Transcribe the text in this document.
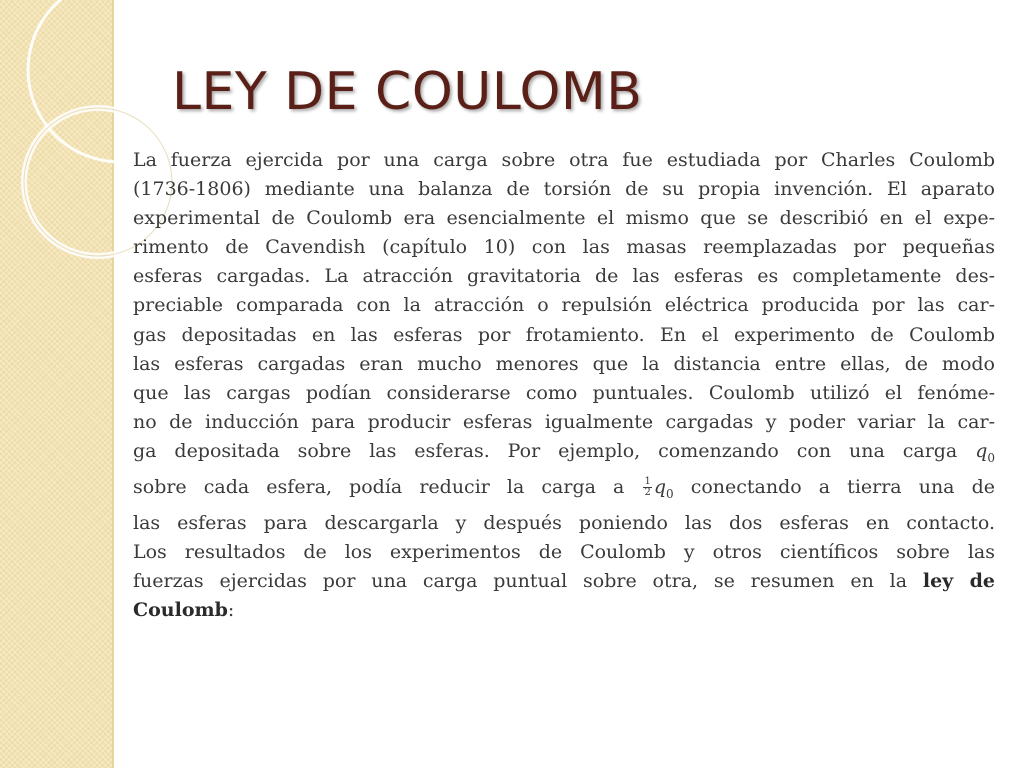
LEY DE COULOMB
La fuerza ejercida por una carga sobre otra fue estudiada por Charles Coulomb
(1736-1806) mediante una balanza de torsión de su propia invención. El aparato
experimental de Coulomb era esencialmente el mismo que se describió en el expe-
rimento de Cavendish (capítulo 10) con las masas reemplazadas por pequeñas
esferas cargadas. La atracción gravitatoria de las esferas es completamente des-
preciable comparada con la atracción o repulsión eléctrica producida por las car-
gas depositadas en las esferas por frotamiento. En el experimento de Coulomb
las esferas cargadas eran mucho menores que la distancia entre ellas, de modo
que las cargas podían considerarse como puntuales. Coulomb utilizó el fenóme-
no de inducción para producir esferas igualmente cargadas y poder variar la car-
ga depositada sobre las esferas. Por ejemplo, comenzando con una carga $q_0$
sobre cada esfera, podía reducir la carga a $\frac{1}{2} q_0$ conectando a tierra una de
las esferas para descargarla y después poniendo las dos esferas en contacto.
Los resultados de los experimentos de Coulomb y otros científicos sobre las
fuerzas ejercidas por una carga puntual sobre otra, se resumen en la ley de
Coulomb:
